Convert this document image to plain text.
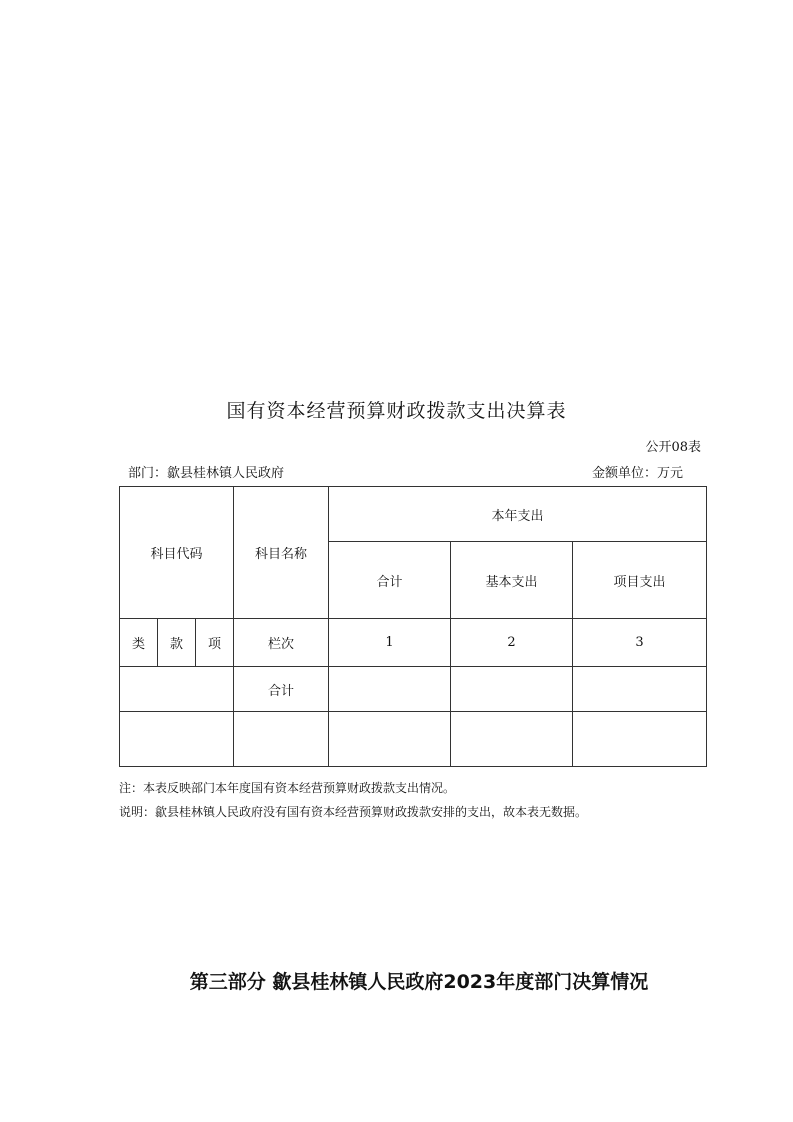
国有资本经营预算财政拨款支出决算表
公开08表
部门：歙县桂林镇人民政府	金额单位：万元
科目代码			科目名称	本年支出		
				合计	基本支出	项目支出
类	款	项	栏次	1	2	3
			合计			

注：本表反映部门本年度国有资本经营预算财政拨款支出情况。
说明：歙县桂林镇人民政府没有国有资本经营预算财政拨款安排的支出，故本表无数据。
第三部分 歙县桂林镇人民政府2023年度部门决算情况
